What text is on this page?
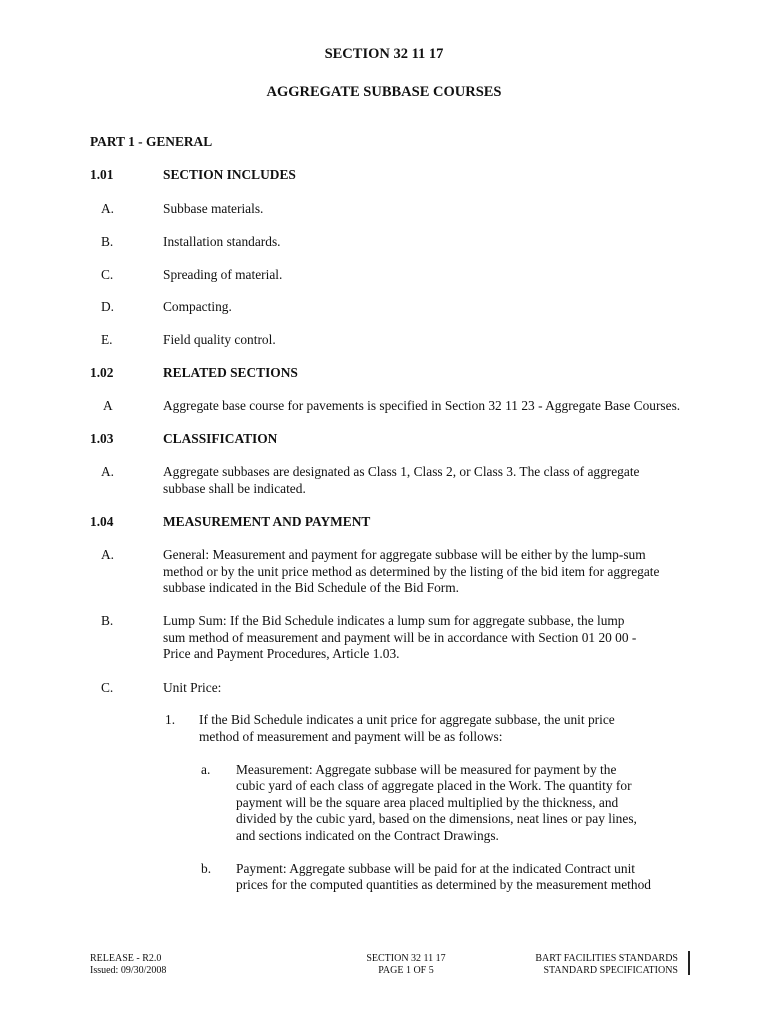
SECTION 32 11 17
AGGREGATE SUBBASE COURSES
PART 1 - GENERAL
1.01	SECTION INCLUDES
A.	Subbase materials.
B.	Installation standards.
C.	Spreading of material.
D.	Compacting.
E.	Field quality control.
1.02	RELATED SECTIONS
A	Aggregate base course for pavements is specified in Section 32 11 23 - Aggregate Base Courses.
1.03	CLASSIFICATION
A.	Aggregate subbases are designated as Class 1, Class 2, or Class 3. The class of aggregate
subbase shall be indicated.
1.04	MEASUREMENT AND PAYMENT
A.	General: Measurement and payment for aggregate subbase will be either by the lump-sum
method or by the unit price method as determined by the listing of the bid item for aggregate
subbase indicated in the Bid Schedule of the Bid Form.
B.	Lump Sum: If the Bid Schedule indicates a lump sum for aggregate subbase, the lump
sum method of measurement and payment will be in accordance with Section 01 20 00 -
Price and Payment Procedures, Article 1.03.
C.	Unit Price:
1. If the Bid Schedule indicates a unit price for aggregate subbase, the unit price
method of measurement and payment will be as follows:
a. Measurement: Aggregate subbase will be measured for payment by the
cubic yard of each class of aggregate placed in the Work. The quantity for
payment will be the square area placed multiplied by the thickness, and
divided by the cubic yard, based on the dimensions, neat lines or pay lines,
and sections indicated on the Contract Drawings.
b. Payment: Aggregate subbase will be paid for at the indicated Contract unit
prices for the computed quantities as determined by the measurement method
RELEASE - R2.0
Issued: 09/30/2008
SECTION 32 11 17
PAGE 1 OF 5
BART FACILITIES STANDARDS
STANDARD SPECIFICATIONS
